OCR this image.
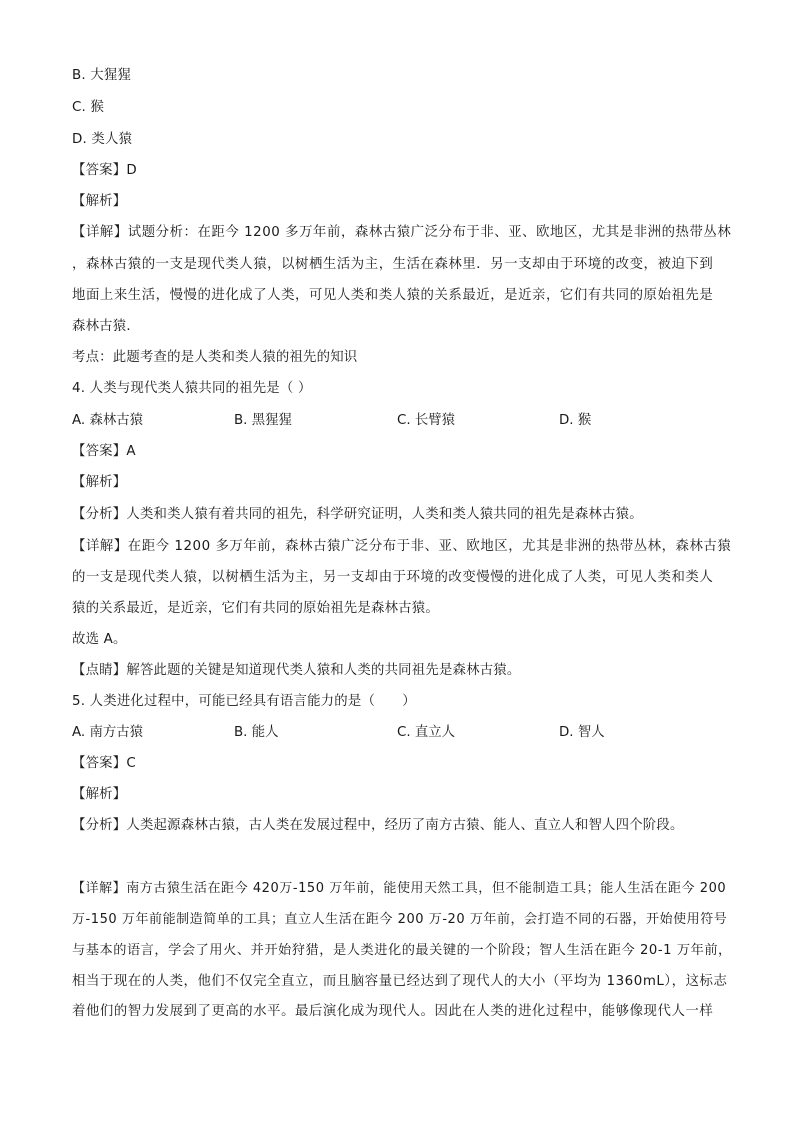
B. 大猩猩
C. 猴
D. 类人猿
【答案】D
【解析】
【详解】试题分析：在距今 1200 多万年前，森林古猿广泛分布于非、亚、欧地区，尤其是非洲的热带丛林
，森林古猿的一支是现代类人猿，以树栖生活为主，生活在森林里．另一支却由于环境的改变，被迫下到
地面上来生活，慢慢的进化成了人类，可见人类和类人猿的关系最近，是近亲，它们有共同的原始祖先是
森林古猿．
考点：此题考查的是人类和类人猿的祖先的知识
4. 人类与现代类人猿共同的祖先是（ ）
A. 森林古猿	B. 黑猩猩	C. 长臂猿	D. 猴
【答案】A
【解析】
【分析】人类和类人猿有着共同的祖先，科学研究证明，人类和类人猿共同的祖先是森林古猿。
【详解】在距今 1200 多万年前，森林古猿广泛分布于非、亚、欧地区，尤其是非洲的热带丛林，森林古猿
的一支是现代类人猿，以树栖生活为主，另一支却由于环境的改变慢慢的进化成了人类，可见人类和类人
猿的关系最近，是近亲，它们有共同的原始祖先是森林古猿。
故选 A。
【点睛】解答此题的关键是知道现代类人猿和人类的共同祖先是森林古猿。
5. 人类进化过程中，可能已经具有语言能力的是（　　）
A. 南方古猿	B. 能人	C. 直立人	D. 智人
【答案】C
【解析】
【分析】人类起源森林古猿，古人类在发展过程中，经历了南方古猿、能人、直立人和智人四个阶段。
【详解】南方古猿生活在距今 420万-150 万年前，能使用天然工具，但不能制造工具；能人生活在距今 200
万-150 万年前能制造简单的工具；直立人生活在距今 200 万-20 万年前，会打造不同的石器，开始使用符号
与基本的语言，学会了用火、并开始狩猎，是人类进化的最关键的一个阶段；智人生活在距今 20-1 万年前，
相当于现在的人类，他们不仅完全直立，而且脑容量已经达到了现代人的大小（平均为 1360mL），这标志
着他们的智力发展到了更高的水平。最后演化成为现代人。因此在人类的进化过程中，能够像现代人一样
